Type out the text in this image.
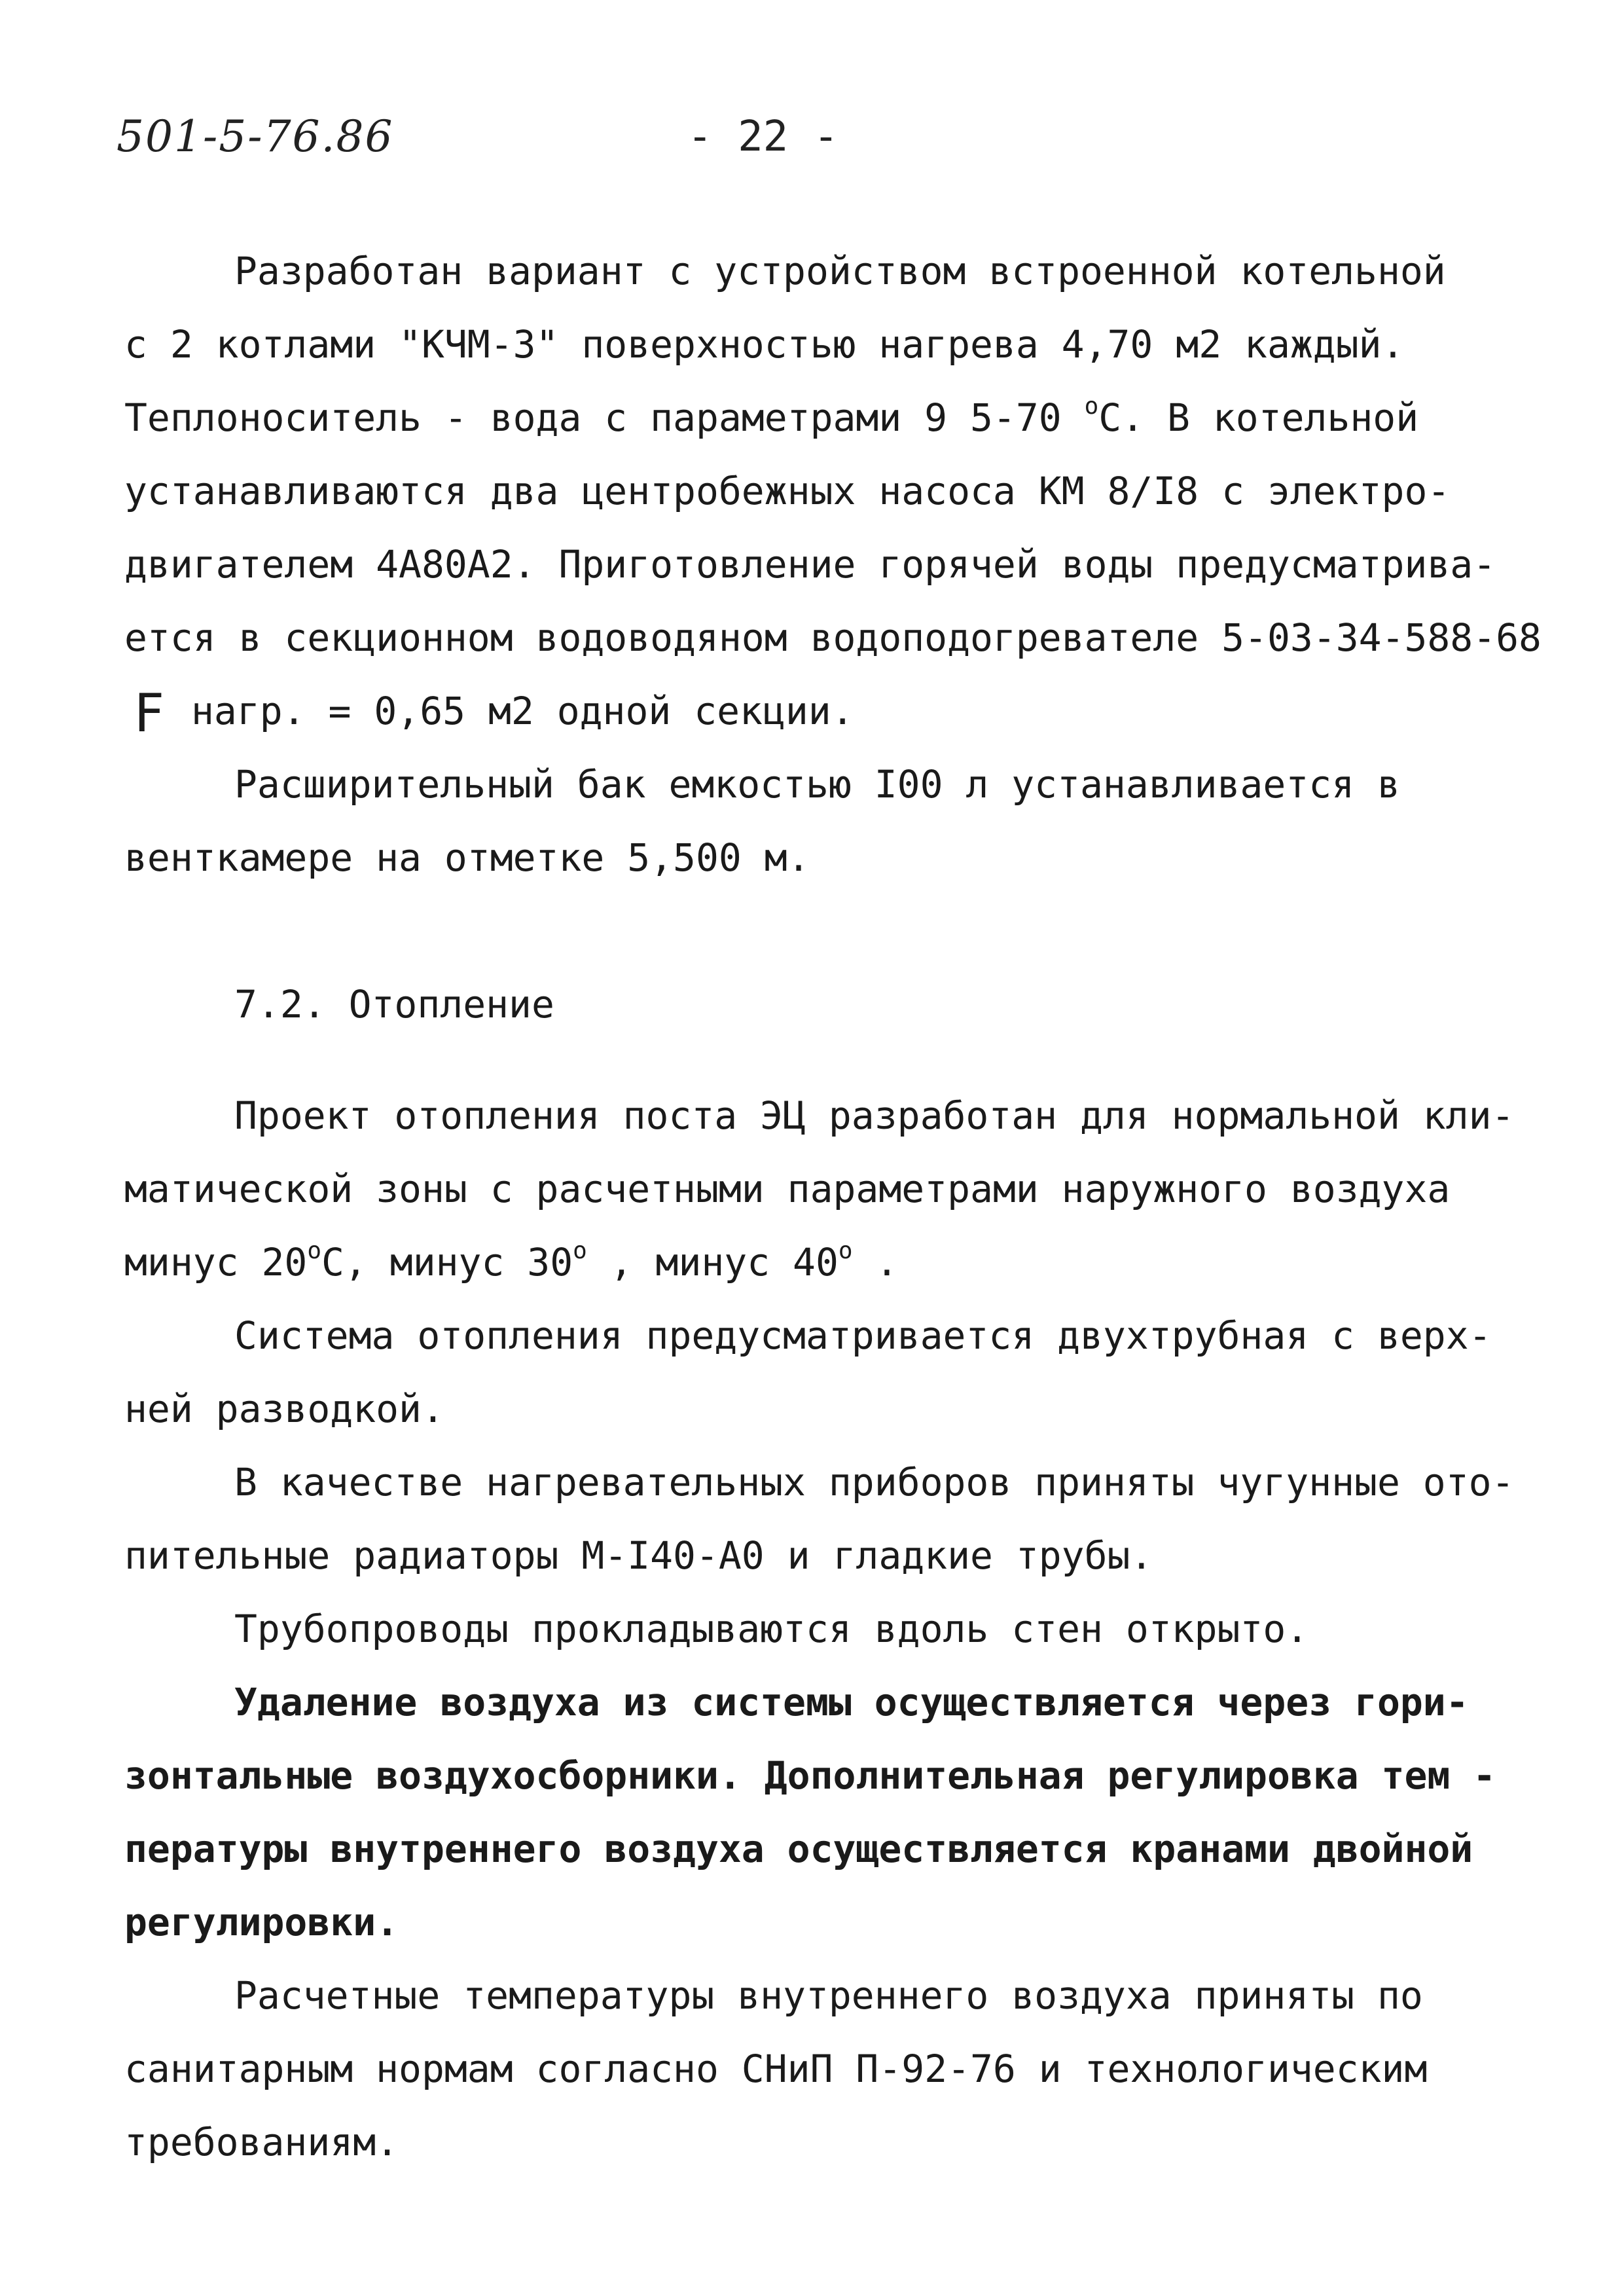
501-5-76.86	- 22 -
Разработан вариант с устройством встроенной котельной
с 2 котлами "КЧМ-3" поверхностью нагрева 4,70 м2 каждый.
Теплоноситель - вода с параметрами 9 5-70 $^о$С. В котельной
устанавливаются два центробежных насоса КМ 8/I8 с электро-
двигателем 4А80А2. Приготовление горячей воды предусматрива-
ется в секционном водоводяном водоподогревателе 5-03-34-588-68
F нагр. = 0,65 м2 одной секции.
Расширительный бак емкостью I00 л устанавливается в
венткамере на отметке 5,500 м.
7.2. Отопление
Проект отопления поста ЭЦ разработан для нормальной кли-
матической зоны с расчетными параметрами наружного воздуха
минус $20^оС$, минус $30^о$ , минус $40^о$ .
Система отопления предусматривается двухтрубная с верх-
ней разводкой.
В качестве нагревательных приборов приняты чугунные ото-
пительные радиаторы М-I40-А0 и гладкие трубы.
Трубопроводы прокладываются вдоль стен открыто.
Удаление воздуха из системы осуществляется через гори-
зонтальные воздухосборники. Дополнительная регулировка тем -
пературы внутреннего воздуха осуществляется кранами двойной
регулировки.
Расчетные температуры внутреннего воздуха приняты по
санитарным нормам согласно СНиП П-92-76 и технологическим
требованиям.
